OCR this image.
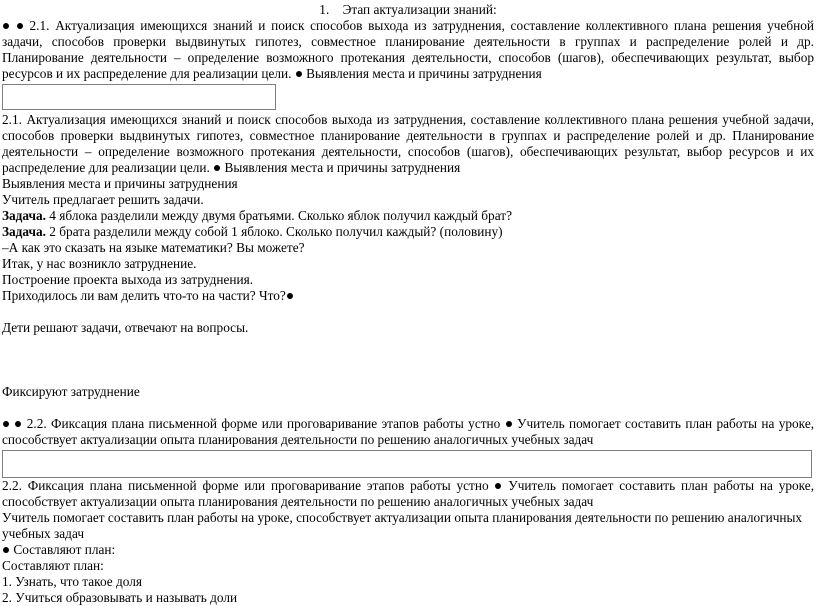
1. Этап актуализации знаний:
2.1. Актуализация имеющихся знаний и поиск способов выхода из затруднения, составление коллективного плана решения учебной задачи, способов проверки выдвинутых гипотез, совместное планирование деятельности в группах и распределение ролей и др. Планирование деятельности – определение возможного протекания деятельности, способов (шагов), обеспечивающих результат, выбор ресурсов и их распределение для реализации цели. Выявления места и причины затруднения
2.1. Актуализация имеющихся знаний и поиск способов выхода из затруднения, составление коллективного плана решения учебной задачи, способов проверки выдвинутых гипотез, совместное планирование деятельности в группах и распределение ролей и др. Планирование деятельности – определение возможного протекания деятельности, способов (шагов), обеспечивающих результат, выбор ресурсов и их распределение для реализации цели. Выявления места и причины затруднения
Выявления места и причины затруднения
Учитель предлагает решить задачи.
Задача. 4 яблока разделили между двумя братьями. Сколько яблок получил каждый брат?
Задача. 2 брата разделили между собой 1 яблоко. Сколько получил каждый? (половину)
–А как это сказать на языке математики? Вы можете?
Итак, у нас возникло затруднение.
Построение проекта выхода из затруднения.
Приходилось ли вам делить что-то на части? Что?
Дети решают задачи, отвечают на вопросы.
Фиксируют затруднение
2.2. Фиксация плана письменной форме или проговаривание этапов работы устно Учитель помогает составить план работы на уроке, способствует актуализации опыта планирования деятельности по решению аналогичных учебных задач
2.2. Фиксация плана письменной форме или проговаривание этапов работы устно Учитель помогает составить план работы на уроке, способствует актуализации опыта планирования деятельности по решению аналогичных учебных задач
Учитель помогает составить план работы на уроке, способствует актуализации опыта планирования деятельности по решению аналогичных учебных задач
Составляют план:
Составляют план:
1. Узнать, что такое доля
2. Учиться образовывать и называть доли
